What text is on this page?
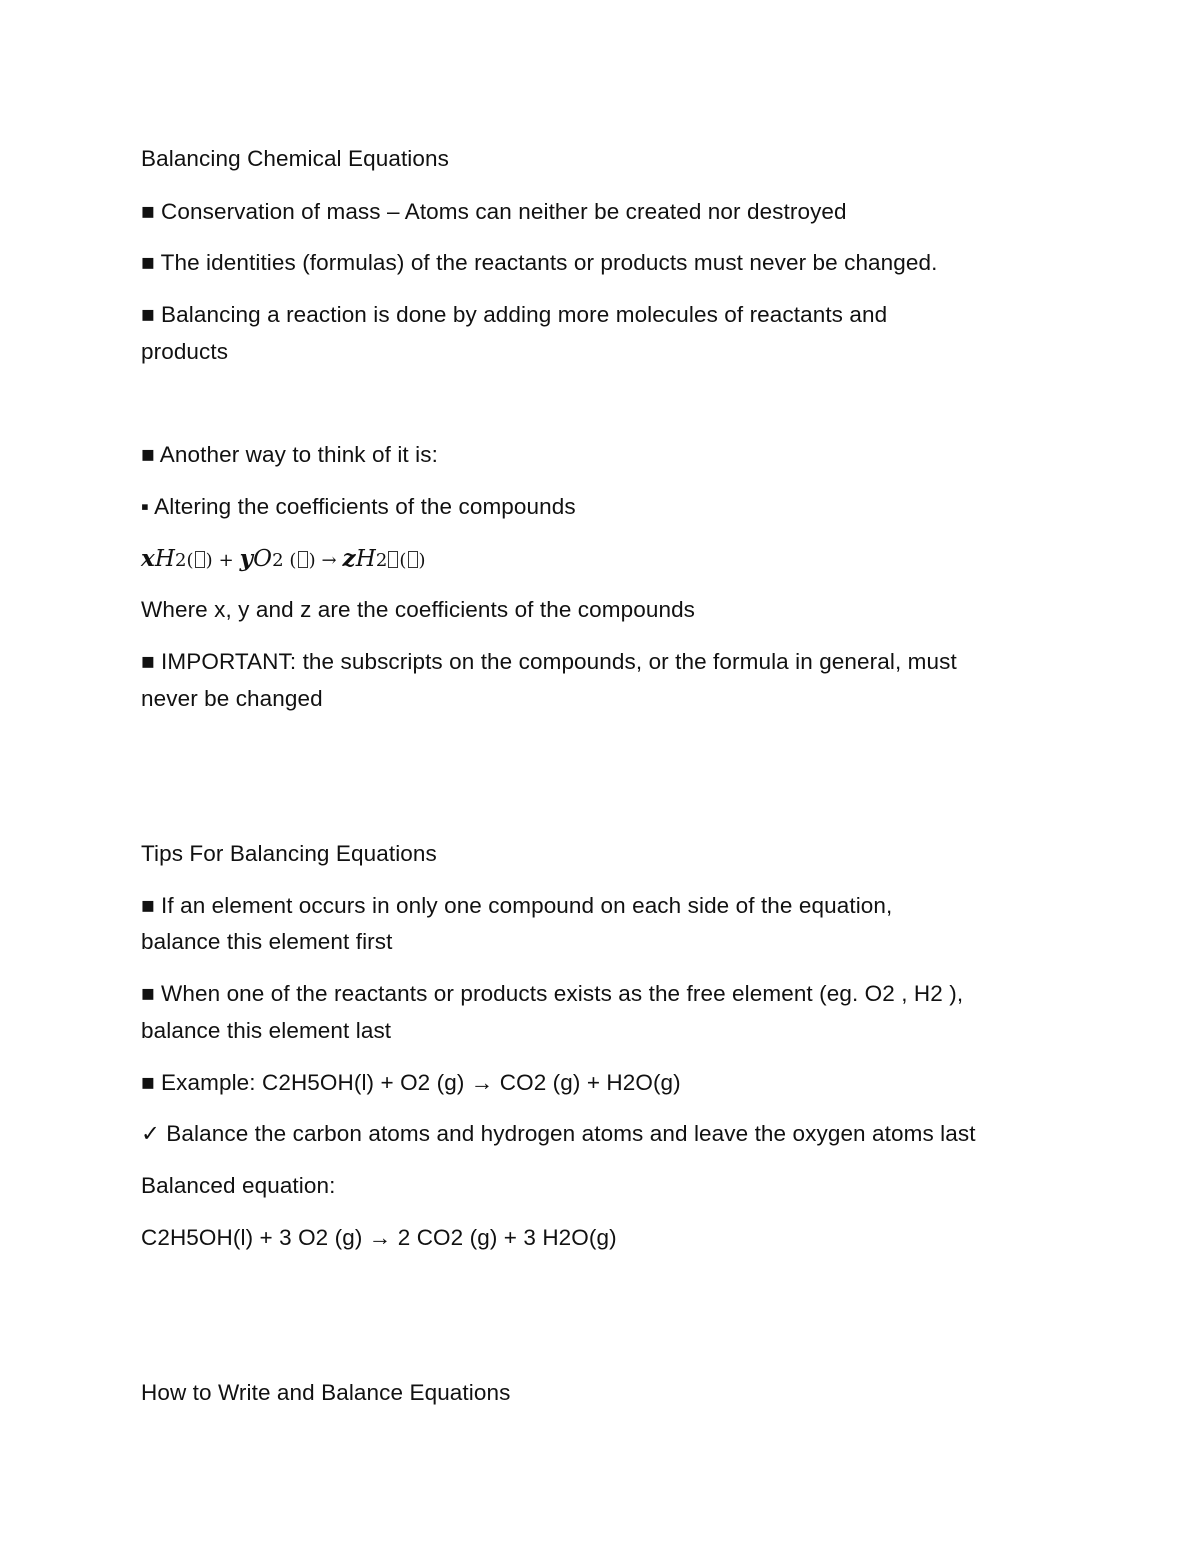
Balancing Chemical Equations
■ Conservation of mass – Atoms can neither be created nor destroyed
■ The identities (formulas) of the reactants or products must never be changed.
■ Balancing a reaction is done by adding more molecules of reactants and
products
■ Another way to think of it is:
▪ Altering the coefficients of the compounds
xH2( ) + yO2 ( ) → zH2 ( )
Where x, y and z are the coefficients of the compounds
■ IMPORTANT: the subscripts on the compounds, or the formula in general, must
never be changed
Tips For Balancing Equations
■ If an element occurs in only one compound on each side of the equation,
balance this element first
■ When one of the reactants or products exists as the free element (eg. O2 , H2 ),
balance this element last
■ Example: C2H5OH(l) + O2 (g) → CO2 (g) + H2O(g)
✓ Balance the carbon atoms and hydrogen atoms and leave the oxygen atoms last
Balanced equation:
C2H5OH(l) + 3 O2 (g) → 2 CO2 (g) + 3 H2O(g)
How to Write and Balance Equations
